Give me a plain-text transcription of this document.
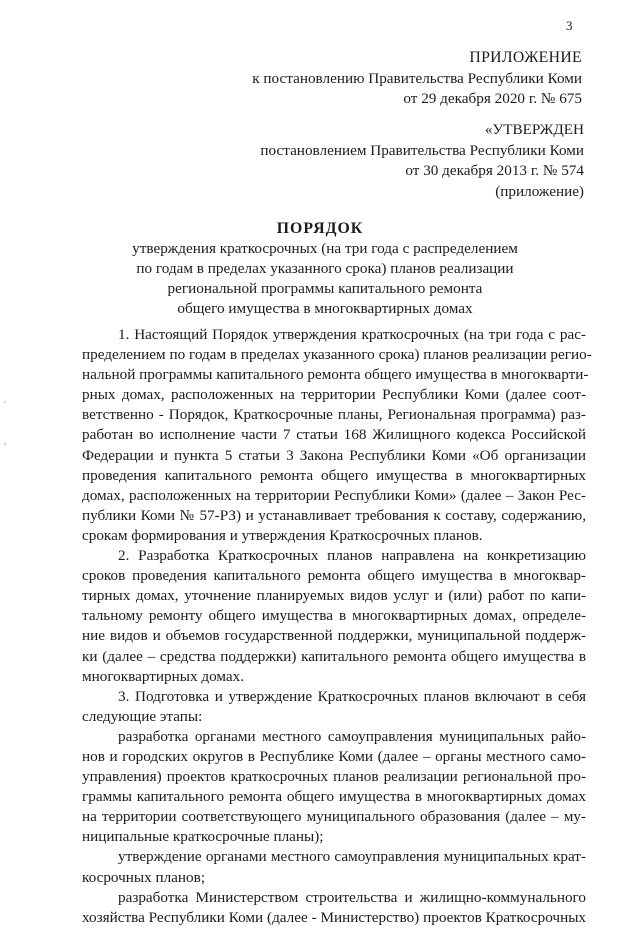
3
'
,
ПРИЛОЖЕНИЕ
к постановлению Правительства Республики Коми
от 29 декабря 2020 г. № 675
«УТВЕРЖДЕН
постановлением Правительства Республики Коми
от 30 декабря 2013 г. № 574
(приложение)
ПОРЯДОК
утверждения краткосрочных (на три года с распределением
по годам в пределах указанного срока) планов реализации
региональной программы капитального ремонта
общего имущества в многоквартирных домах
1. Настоящий Порядок утверждения краткосрочных (на три года с рас-
пределением по годам в пределах указанного срока) планов реализации регио-
нальной программы капитального ремонта общего имущества в многокварти-
рных домах, расположенных на территории Республики Коми (далее соот-
ветственно - Порядок, Краткосрочные планы, Региональная программа) раз-
работан во исполнение части 7 статьи 168 Жилищного кодекса Российской
Федерации и пункта 5 статьи 3 Закона Республики Коми «Об организации
проведения капитального ремонта общего имущества в многоквартирных
домах, расположенных на территории Республики Коми» (далее – Закон Рес-
публики Коми № 57-РЗ) и устанавливает требования к составу, содержанию,
срокам формирования и утверждения Краткосрочных планов.
2. Разработка Краткосрочных планов направлена на конкретизацию
сроков проведения капитального ремонта общего имущества в многоквар-
тирных домах, уточнение планируемых видов услуг и (или) работ по капи-
тальному ремонту общего имущества в многоквартирных домах, определе-
ние видов и объемов государственной поддержки, муниципальной поддерж-
ки (далее – средства поддержки) капитального ремонта общего имущества в
многоквартирных домах.
3. Подготовка и утверждение Краткосрочных планов включают в себя
следующие этапы:
разработка органами местного самоуправления муниципальных райо-
нов и городских округов в Республике Коми (далее – органы местного само-
управления) проектов краткосрочных планов реализации региональной про-
граммы капитального ремонта общего имущества в многоквартирных домах
на территории соответствующего муниципального образования (далее – му-
ниципальные краткосрочные планы);
утверждение органами местного самоуправления муниципальных крат-
косрочных планов;
разработка Министерством строительства и жилищно-коммунального
хозяйства Республики Коми (далее - Министерство) проектов Краткосрочных
